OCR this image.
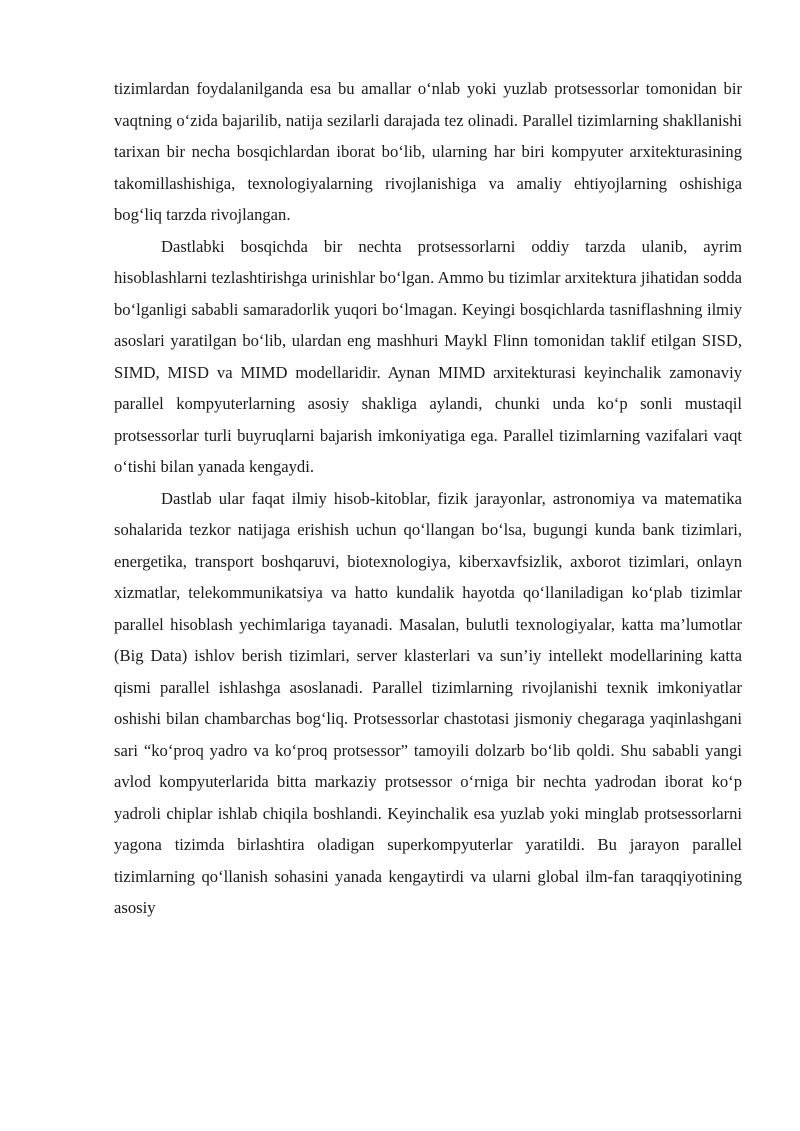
tizimlardan foydalanilganda esa bu amallar o‘nlab yoki yuzlab protsessorlar tomonidan bir vaqtning o‘zida bajarilib, natija sezilarli darajada tez olinadi. Parallel tizimlarning shakllanishi tarixan bir necha bosqichlardan iborat bo‘lib, ularning har biri kompyuter arxitekturasining takomillashishiga, texnologiyalarning rivojlanishiga va amaliy ehtiyojlarning oshishiga bog‘liq tarzda rivojlangan.

Dastlabki bosqichda bir nechta protsessorlarni oddiy tarzda ulanib, ayrim hisoblashlarni tezlashtirishga urinishlar bo‘lgan. Ammo bu tizimlar arxitektura jihatidan sodda bo‘lganligi sababli samaradorlik yuqori bo‘lmagan. Keyingi bosqichlarda tasniflashning ilmiy asoslari yaratilgan bo‘lib, ulardan eng mashhuri Maykl Flinn tomonidan taklif etilgan SISD, SIMD, MISD va MIMD modellaridir. Aynan MIMD arxitekturasi keyinchalik zamonaviy parallel kompyuterlarning asosiy shakliga aylandi, chunki unda ko‘p sonli mustaqil protsessorlar turli buyruqlarni bajarish imkoniyatiga ega. Parallel tizimlarning vazifalari vaqt o‘tishi bilan yanada kengaydi.

Dastlab ular faqat ilmiy hisob-kitoblar, fizik jarayonlar, astronomiya va matematika sohalarida tezkor natijaga erishish uchun qo‘llangan bo‘lsa, bugungi kunda bank tizimlari, energetika, transport boshqaruvi, biotexnologiya, kiberxavfsizlik, axborot tizimlari, onlayn xizmatlar, telekommunikatsiya va hatto kundalik hayotda qo‘llaniladigan ko‘plab tizimlar parallel hisoblash yechimlariga tayanadi. Masalan, bulutli texnologiyalar, katta ma’lumotlar (Big Data) ishlov berish tizimlari, server klasterlari va sun’iy intellekt modellarining katta qismi parallel ishlashga asoslanadi. Parallel tizimlarning rivojlanishi texnik imkoniyatlar oshishi bilan chambarchas bog‘liq. Protsessorlar chastotasi jismoniy chegaraga yaqinlashgani sari “ko‘proq yadro va ko‘proq protsessor” tamoyili dolzarb bo‘lib qoldi. Shu sababli yangi avlod kompyuterlarida bitta markaziy protsessor o‘rniga bir nechta yadrodan iborat ko‘p yadroli chiplar ishlab chiqila boshlandi. Keyinchalik esa yuzlab yoki minglab protsessorlarni yagona tizimda birlashtira oladigan superkompyuterlar yaratildi. Bu jarayon parallel tizimlarning qo‘llanish sohasini yanada kengaytirdi va ularni global ilm-fan taraqqiyotining asosiy
